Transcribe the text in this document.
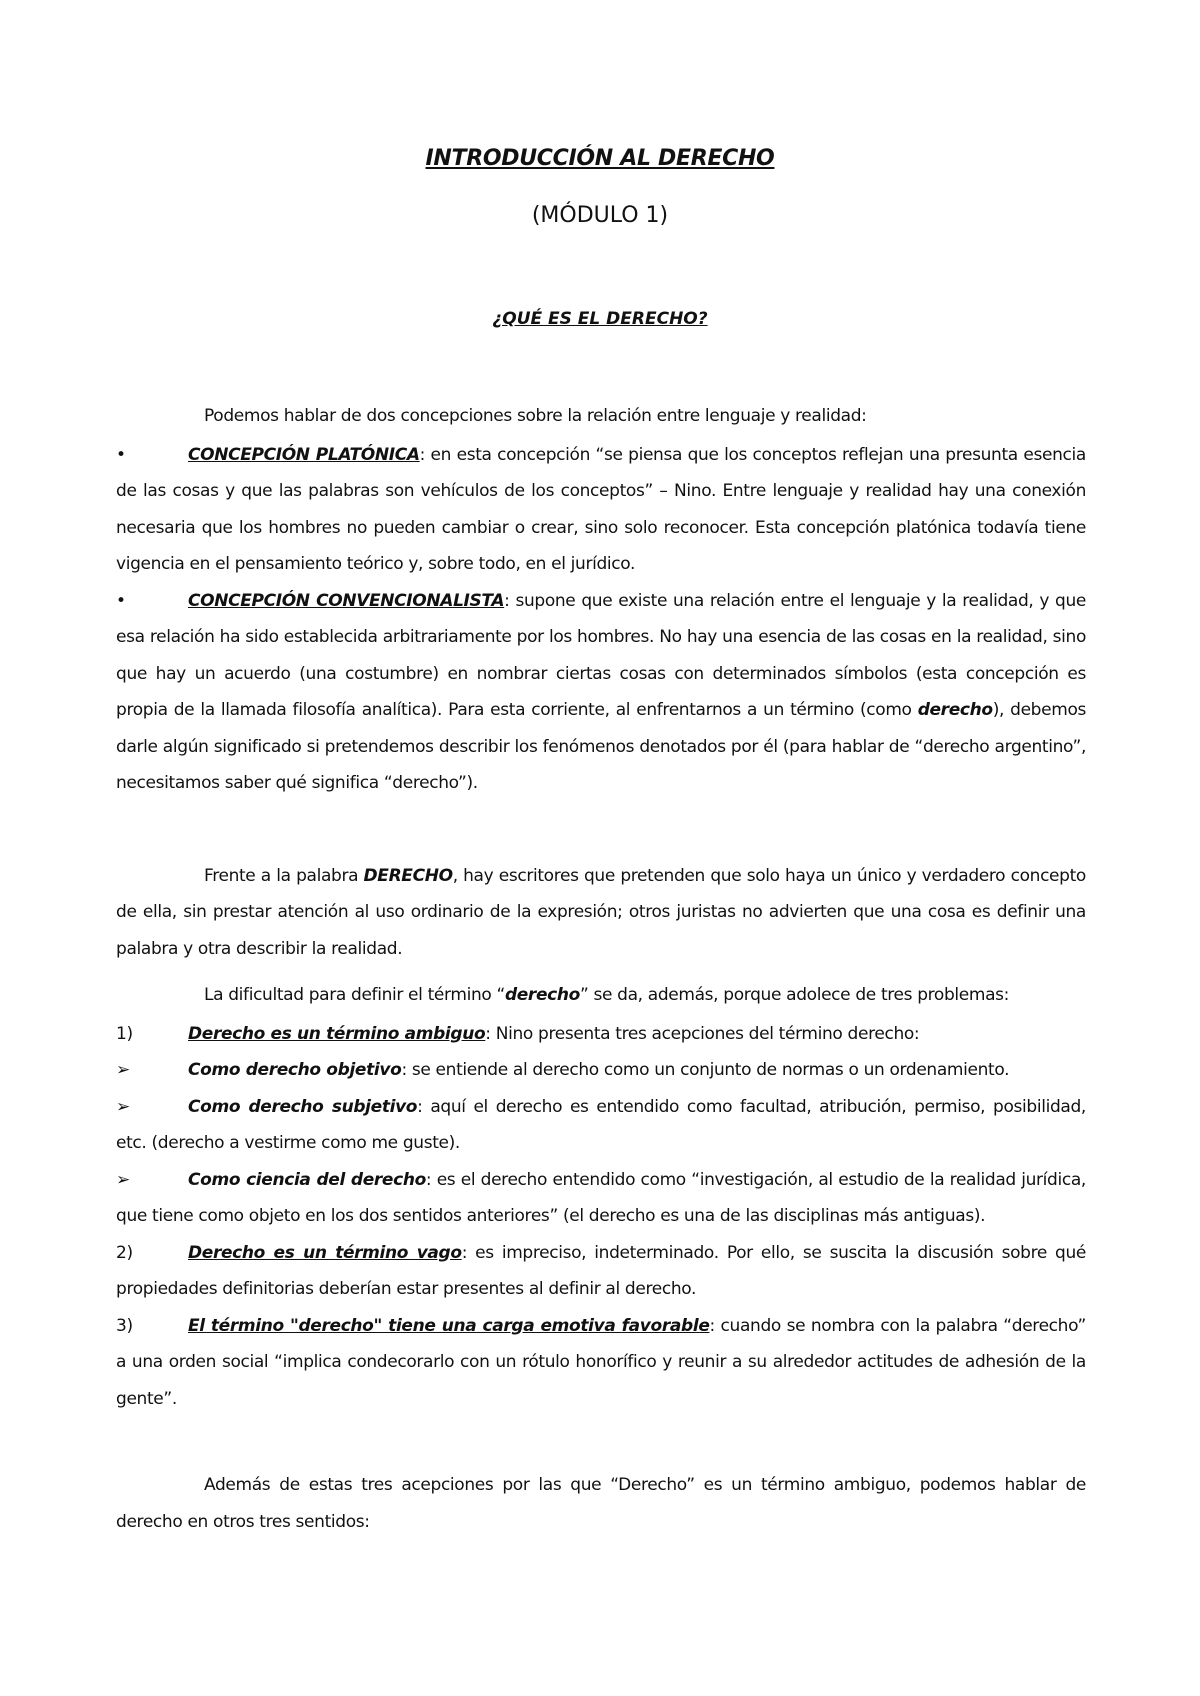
INTRODUCCIÓN AL DERECHO
(MÓDULO 1)
¿QUÉ ES EL DERECHO?

Podemos hablar de dos concepciones sobre la relación entre lenguaje y realidad:

•	CONCEPCIÓN PLATÓNICA: en esta concepción “se piensa que los conceptos reflejan una presunta esencia de las cosas y que las palabras son vehículos de los conceptos” – Nino. Entre lenguaje y realidad hay una conexión necesaria que los hombres no pueden cambiar o crear, sino solo reconocer. Esta concepción platónica todavía tiene vigencia en el pensamiento teórico y, sobre todo, en el jurídico.
•	CONCEPCIÓN CONVENCIONALISTA: supone que existe una relación entre el lenguaje y la realidad, y que esa relación ha sido establecida arbitrariamente por los hombres. No hay una esencia de las cosas en la realidad, sino que hay un acuerdo (una costumbre) en nombrar ciertas cosas con determinados símbolos (esta concepción es propia de la llamada filosofía analítica). Para esta corriente, al enfrentarnos a un término (como derecho), debemos darle algún significado si pretendemos describir los fenómenos denotados por él (para hablar de “derecho argentino”, necesitamos saber qué significa “derecho”).

Frente a la palabra DERECHO, hay escritores que pretenden que solo haya un único y verdadero concepto de ella, sin prestar atención al uso ordinario de la expresión; otros juristas no advierten que una cosa es definir una palabra y otra describir la realidad.

La dificultad para definir el término “derecho” se da, además, porque adolece de tres problemas:

1)	Derecho es un término ambiguo: Nino presenta tres acepciones del término derecho:
➢	Como derecho objetivo: se entiende al derecho como un conjunto de normas o un ordenamiento.
➢	Como derecho subjetivo: aquí el derecho es entendido como facultad, atribución, permiso, posibilidad, etc. (derecho a vestirme como me guste).
➢	Como ciencia del derecho: es el derecho entendido como “investigación, al estudio de la realidad jurídica, que tiene como objeto en los dos sentidos anteriores” (el derecho es una de las disciplinas más antiguas).
2)	Derecho es un término vago: es impreciso, indeterminado. Por ello, se suscita la discusión sobre qué propiedades definitorias deberían estar presentes al definir al derecho.
3)	El término "derecho" tiene una carga emotiva favorable: cuando se nombra con la palabra “derecho” a una orden social “implica condecorarlo con un rótulo honorífico y reunir a su alrededor actitudes de adhesión de la gente”.

Además de estas tres acepciones por las que “Derecho” es un término ambiguo, podemos hablar de derecho en otros tres sentidos:
